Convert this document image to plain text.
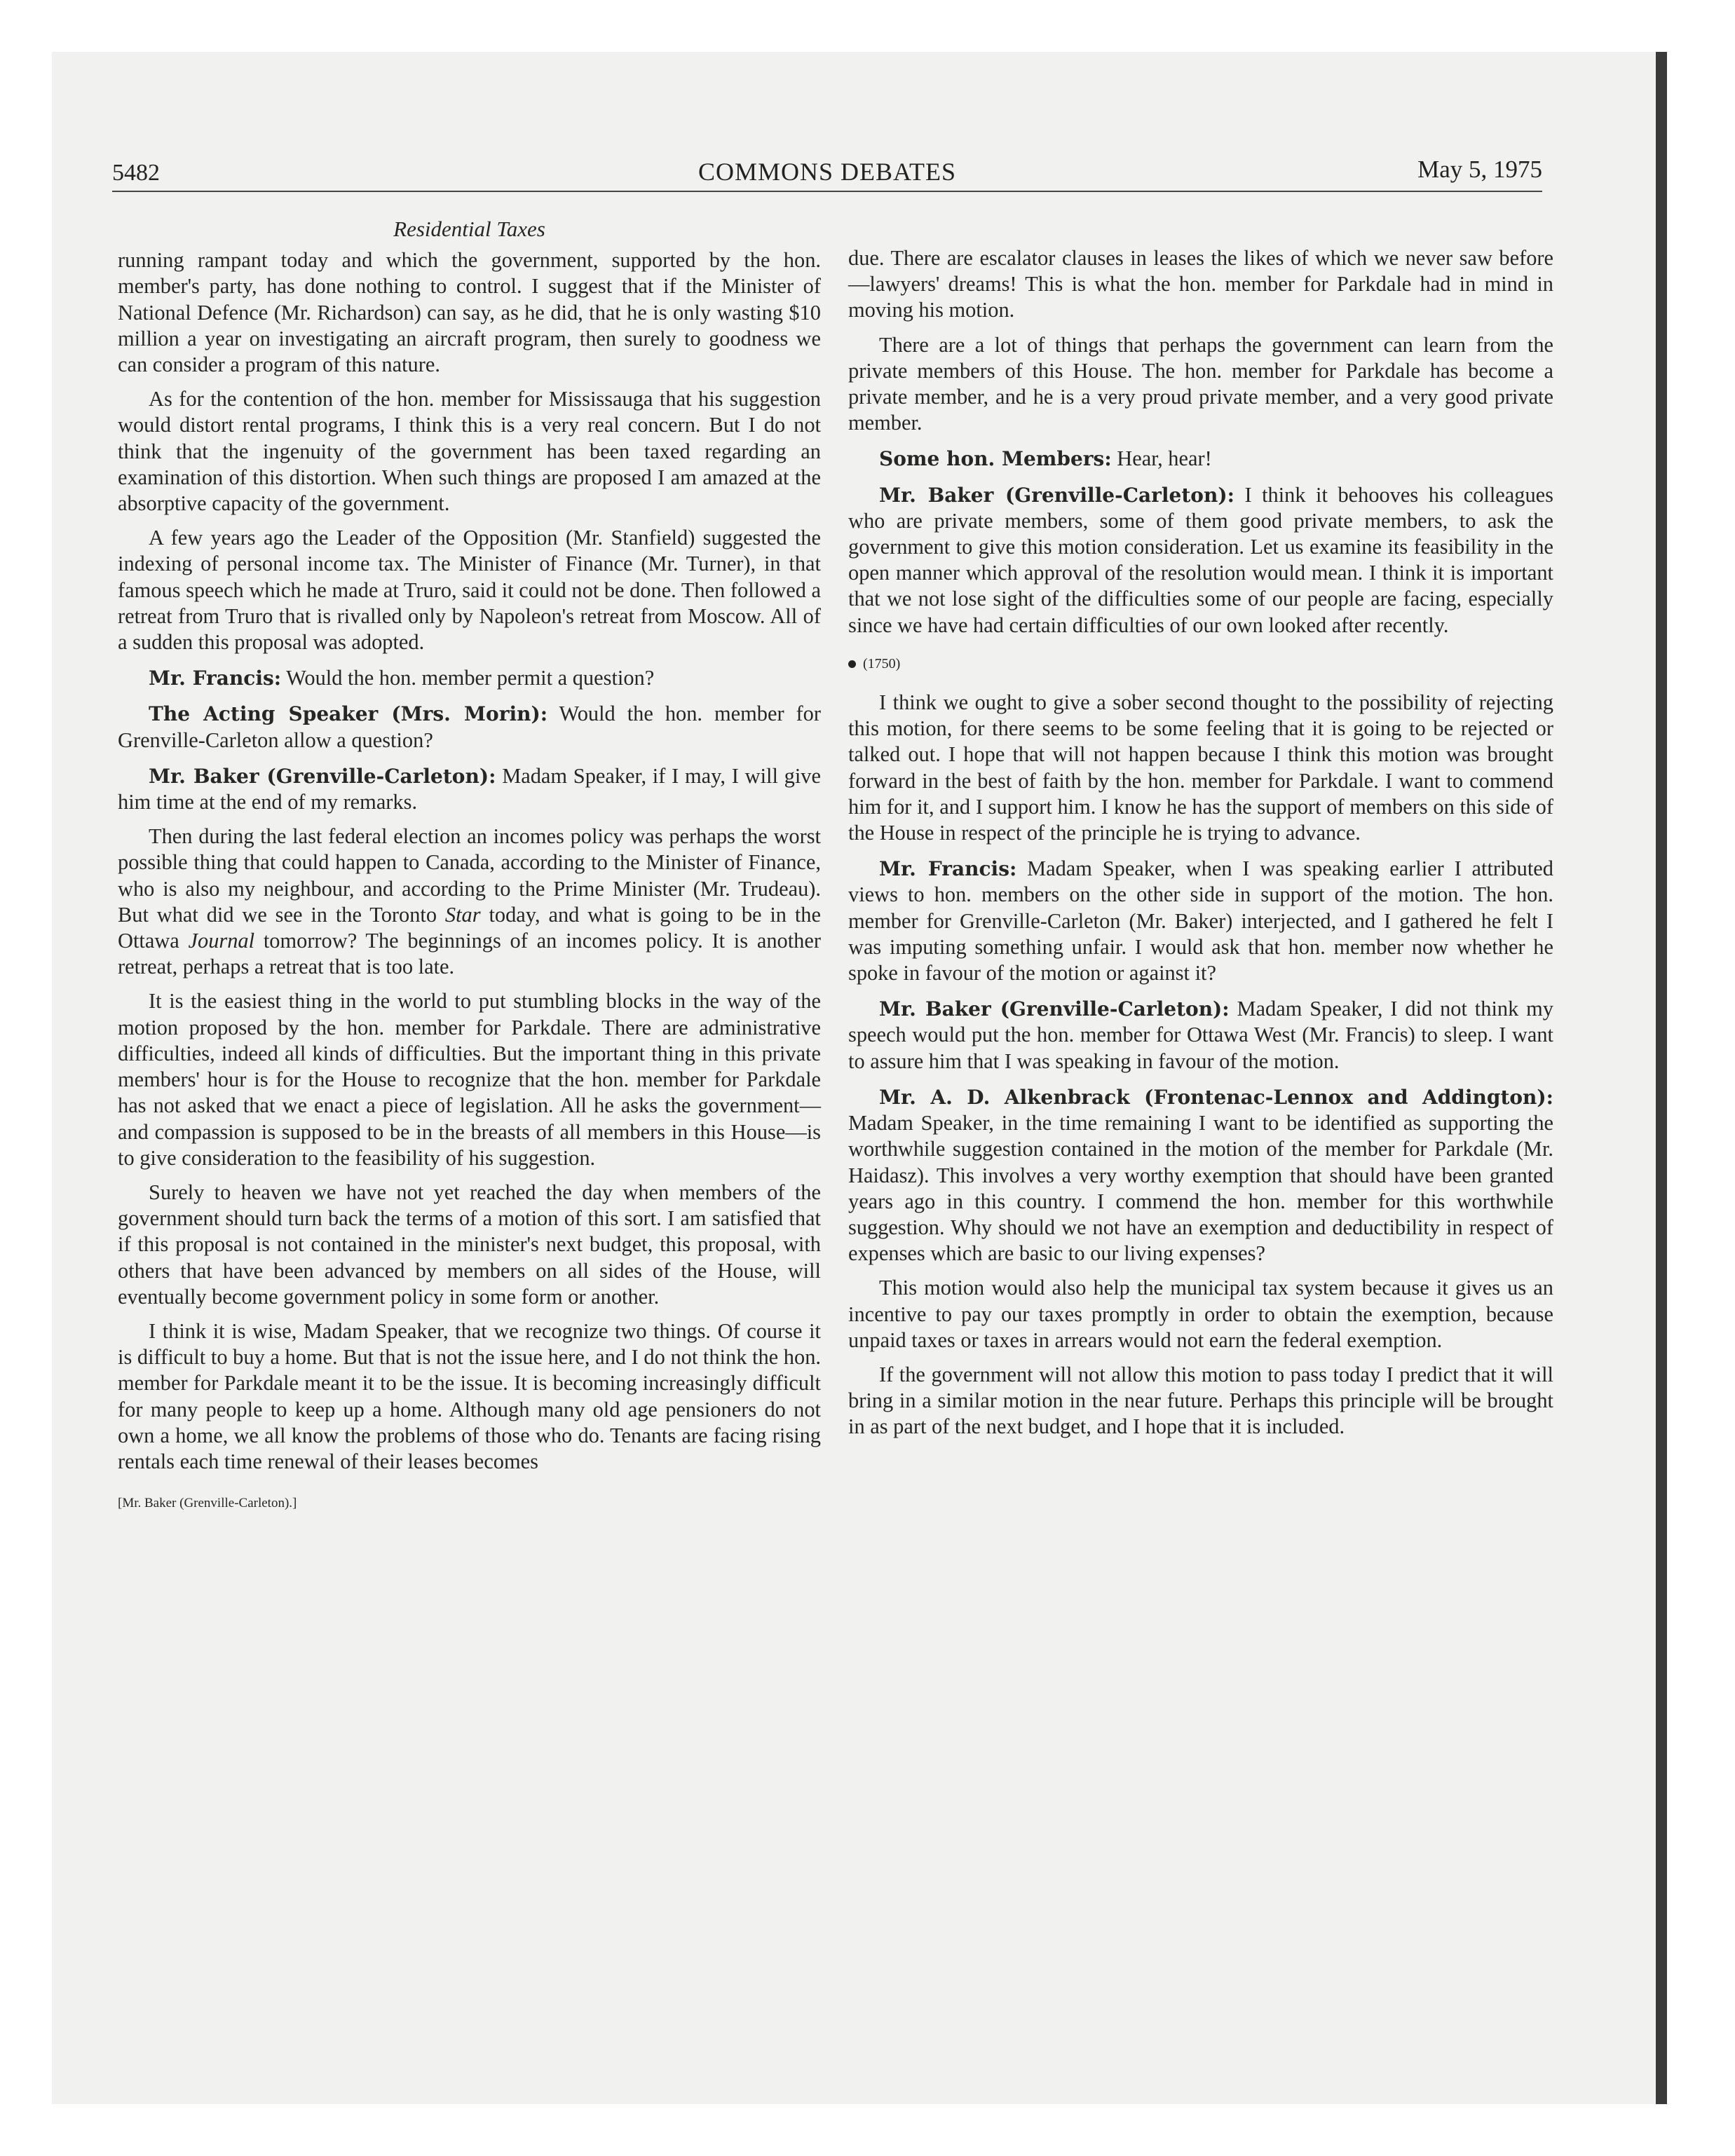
5482	COMMONS DEBATES	May 5, 1975
Residential Taxes

running rampant today and which the government, supported by the hon. member's party, has done nothing to control. I suggest that if the Minister of National Defence (Mr. Richardson) can say, as he did, that he is only wasting $10 million a year on investigating an aircraft program, then surely to goodness we can consider a program of this nature.

As for the contention of the hon. member for Mississauga that his suggestion would distort rental programs, I think this is a very real concern. But I do not think that the ingenuity of the government has been taxed regarding an examination of this distortion. When such things are proposed I am amazed at the absorptive capacity of the government.

A few years ago the Leader of the Opposition (Mr. Stanfield) suggested the indexing of personal income tax. The Minister of Finance (Mr. Turner), in that famous speech which he made at Truro, said it could not be done. Then followed a retreat from Truro that is rivalled only by Napoleon's retreat from Moscow. All of a sudden this proposal was adopted.

Mr. Francis: Would the hon. member permit a question?

The Acting Speaker (Mrs. Morin): Would the hon. member for Grenville-Carleton allow a question?

Mr. Baker (Grenville-Carleton): Madam Speaker, if I may, I will give him time at the end of my remarks.

Then during the last federal election an incomes policy was perhaps the worst possible thing that could happen to Canada, according to the Minister of Finance, who is also my neighbour, and according to the Prime Minister (Mr. Trudeau). But what did we see in the Toronto Star today, and what is going to be in the Ottawa Journal tomorrow? The beginnings of an incomes policy. It is another retreat, perhaps a retreat that is too late.

It is the easiest thing in the world to put stumbling blocks in the way of the motion proposed by the hon. member for Parkdale. There are administrative difficulties, indeed all kinds of difficulties. But the important thing in this private members' hour is for the House to recognize that the hon. member for Parkdale has not asked that we enact a piece of legislation. All he asks the government—and compassion is supposed to be in the breasts of all members in this House—is to give consideration to the feasibility of his suggestion.

Surely to heaven we have not yet reached the day when members of the government should turn back the terms of a motion of this sort. I am satisfied that if this proposal is not contained in the minister's next budget, this proposal, with others that have been advanced by members on all sides of the House, will eventually become government policy in some form or another.

I think it is wise, Madam Speaker, that we recognize two things. Of course it is difficult to buy a home. But that is not the issue here, and I do not think the hon. member for Parkdale meant it to be the issue. It is becoming increasingly difficult for many people to keep up a home. Although many old age pensioners do not own a home, we all know the problems of those who do. Tenants are facing rising rentals each time renewal of their leases becomes

[Mr. Baker (Grenville-Carleton).]

due. There are escalator clauses in leases the likes of which we never saw before—lawyers' dreams! This is what the hon. member for Parkdale had in mind in moving his motion.

There are a lot of things that perhaps the government can learn from the private members of this House. The hon. member for Parkdale has become a private member, and he is a very proud private member, and a very good private member.

Some hon. Members: Hear, hear!

Mr. Baker (Grenville-Carleton): I think it behooves his colleagues who are private members, some of them good private members, to ask the government to give this motion consideration. Let us examine its feasibility in the open manner which approval of the resolution would mean. I think it is important that we not lose sight of the difficulties some of our people are facing, especially since we have had certain difficulties of our own looked after recently.

(1750)

I think we ought to give a sober second thought to the possibility of rejecting this motion, for there seems to be some feeling that it is going to be rejected or talked out. I hope that will not happen because I think this motion was brought forward in the best of faith by the hon. member for Parkdale. I want to commend him for it, and I support him. I know he has the support of members on this side of the House in respect of the principle he is trying to advance.

Mr. Francis: Madam Speaker, when I was speaking earlier I attributed views to hon. members on the other side in support of the motion. The hon. member for Grenville-Carleton (Mr. Baker) interjected, and I gathered he felt I was imputing something unfair. I would ask that hon. member now whether he spoke in favour of the motion or against it?

Mr. Baker (Grenville-Carleton): Madam Speaker, I did not think my speech would put the hon. member for Ottawa West (Mr. Francis) to sleep. I want to assure him that I was speaking in favour of the motion.

Mr. A. D. Alkenbrack (Frontenac-Lennox and Addington): Madam Speaker, in the time remaining I want to be identified as supporting the worthwhile suggestion contained in the motion of the member for Parkdale (Mr. Haidasz). This involves a very worthy exemption that should have been granted years ago in this country. I commend the hon. member for this worthwhile suggestion. Why should we not have an exemption and deductibility in respect of expenses which are basic to our living expenses?

This motion would also help the municipal tax system because it gives us an incentive to pay our taxes promptly in order to obtain the exemption, because unpaid taxes or taxes in arrears would not earn the federal exemption.

If the government will not allow this motion to pass today I predict that it will bring in a similar motion in the near future. Perhaps this principle will be brought in as part of the next budget, and I hope that it is included.
